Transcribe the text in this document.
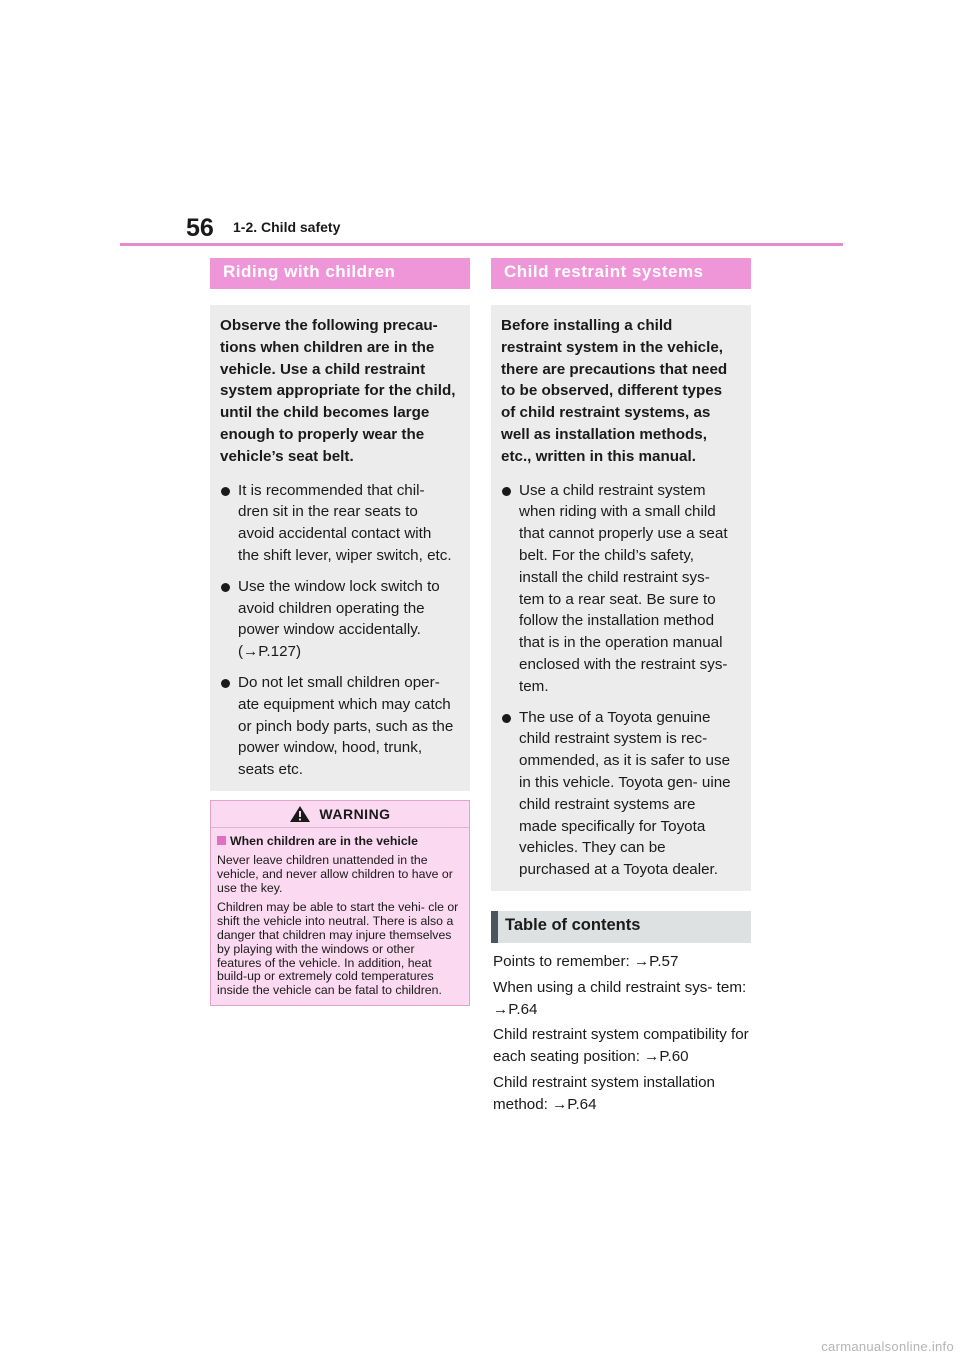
56 1-2. Child safety
Riding with children

Observe the following precau- tions when children are in the vehicle. Use a child restraint system appropriate for the child, until the child becomes large enough to properly wear the vehicle’s seat belt.

It is recommended that chil- dren sit in the rear seats to avoid accidental contact with the shift lever, wiper switch, etc.
Use the window lock switch to avoid children operating the power window accidentally. (→P.127)
Do not let small children oper- ate equipment which may catch or pinch body parts, such as the power window, hood, trunk, seats etc.
WARNING
When children are in the vehicle

Never leave children unattended in the vehicle, and never allow children to have or use the key.

Children may be able to start the vehi- cle or shift the vehicle into neutral. There is also a danger that children may injure themselves by playing with the windows or other features of the vehicle. In addition, heat build-up or extremely cold temperatures inside the vehicle can be fatal to children.

Child restraint systems

Before installing a child restraint system in the vehicle, there are precautions that need to be observed, different types of child restraint systems, as well as installation methods, etc., written in this manual.

Use a child restraint system when riding with a small child that cannot properly use a seat belt. For the child’s safety, install the child restraint sys- tem to a rear seat. Be sure to follow the installation method that is in the operation manual enclosed with the restraint sys- tem.
The use of a Toyota genuine child restraint system is rec- ommended, as it is safer to use in this vehicle. Toyota gen- uine child restraint systems are made specifically for Toyota vehicles. They can be purchased at a Toyota dealer.
Table of contents
Points to remember: →P.57
When using a child restraint sys- tem: →P.64
Child restraint system compatibility for each seating position: →P.60
Child restraint system installation method: →P.64
carmanualsonline.info
